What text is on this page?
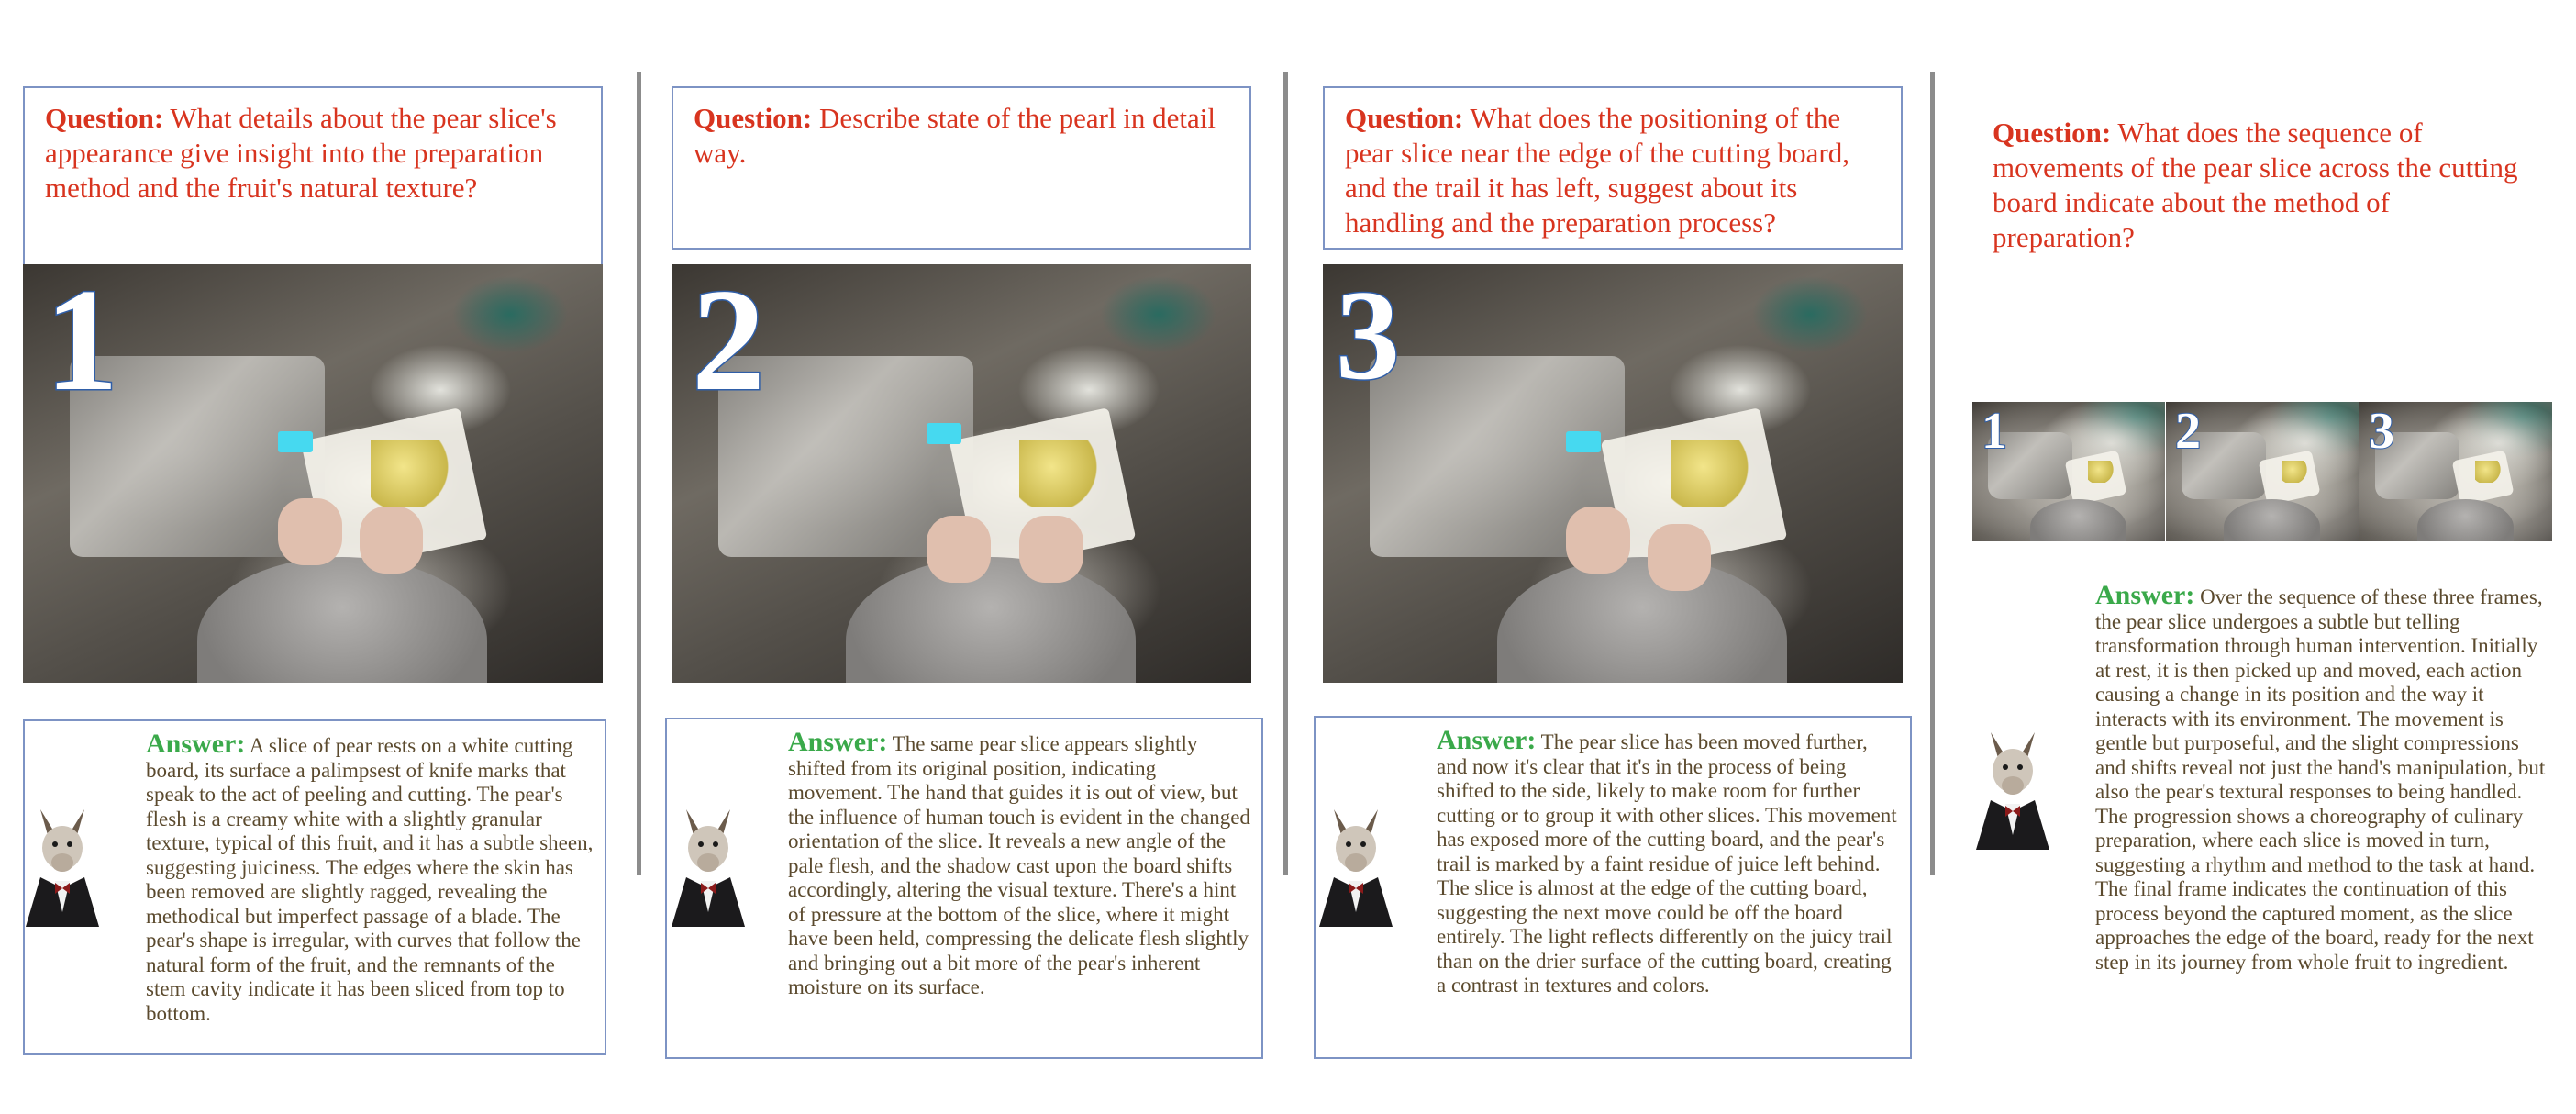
Question: What details about the pear slice's appearance give insight into the preparation method and the fruit's natural texture?
1
Answer: A slice of pear rests on a white cutting board, its surface a palimpsest of knife marks that speak to the act of peeling and cutting. The pear's flesh is a creamy white with a slightly granular texture, typical of this fruit, and it has a subtle sheen, suggesting juiciness. The edges where the skin has been removed are slightly ragged, revealing the methodical but imperfect passage of a blade. The pear's shape is irregular, with curves that follow the natural form of the fruit, and the remnants of the stem cavity indicate it has been sliced from top to bottom.
Question: Describe state of the pearl in detail way.
2
Answer: The same pear slice appears slightly shifted from its original position, indicating movement. The hand that guides it is out of view, but the influence of human touch is evident in the changed orientation of the slice. It reveals a new angle of the pale flesh, and the shadow cast upon the board shifts accordingly, altering the visual texture. There's a hint of pressure at the bottom of the slice, where it might have been held, compressing the delicate flesh slightly and bringing out a bit more of the pear's inherent moisture on its surface.
Question: What does the positioning of the pear slice near the edge of the cutting board, and the trail it has left, suggest about its handling and the preparation process?
3
Answer: The pear slice has been moved further, and now it's clear that it's in the process of being shifted to the side, likely to make room for further cutting or to group it with other slices. This movement has exposed more of the cutting board, and the pear's trail is marked by a faint residue of juice left behind. The slice is almost at the edge of the cutting board, suggesting the next move could be off the board entirely. The light reflects differently on the juicy trail than on the drier surface of the cutting board, creating a contrast in textures and colors.
Question: What does the sequence of movements of the pear slice across the cutting board indicate about the method of preparation?
1	2	3
Answer: Over the sequence of these three frames, the pear slice undergoes a subtle but telling transformation through human intervention. Initially at rest, it is then picked up and moved, each action causing a change in its position and the way it interacts with its environment. The movement is gentle but purposeful, and the slight compressions and shifts reveal not just the hand's manipulation, but also the pear's textural responses to being handled. The progression shows a choreography of culinary preparation, where each slice is moved in turn, suggesting a rhythm and method to the task at hand. The final frame indicates the continuation of this process beyond the captured moment, as the slice approaches the edge of the board, ready for the next step in its journey from whole fruit to ingredient.
